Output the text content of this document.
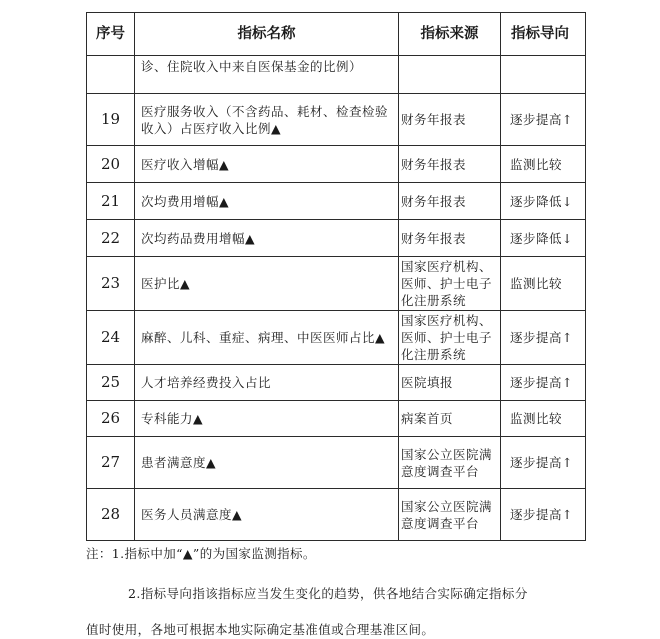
序号	指标名称	指标来源	指标导向
	诊、住院收入中来自医保基金的比例）		
19	医疗服务收入（不含药品、耗材、检查检验收入）占医疗收入比例▲	财务年报表	逐步提高↑
20	医疗收入增幅▲	财务年报表	监测比较
21	次均费用增幅▲	财务年报表	逐步降低↓
22	次均药品费用增幅▲	财务年报表	逐步降低↓
23	医护比▲	国家医疗机构、医师、护士电子化注册系统	监测比较
24	麻醉、儿科、重症、病理、中医医师占比▲	国家医疗机构、医师、护士电子化注册系统	逐步提高↑
25	人才培养经费投入占比	医院填报	逐步提高↑
26	专科能力▲	病案首页	监测比较
27	患者满意度▲	国家公立医院满意度调查平台	逐步提高↑
28	医务人员满意度▲	国家公立医院满意度调查平台	逐步提高↑
注：1.指标中加“▲”的为国家监测指标。
2.指标导向指该指标应当发生变化的趋势，供各地结合实际确定指标分
值时使用，各地可根据本地实际确定基准值或合理基准区间。
